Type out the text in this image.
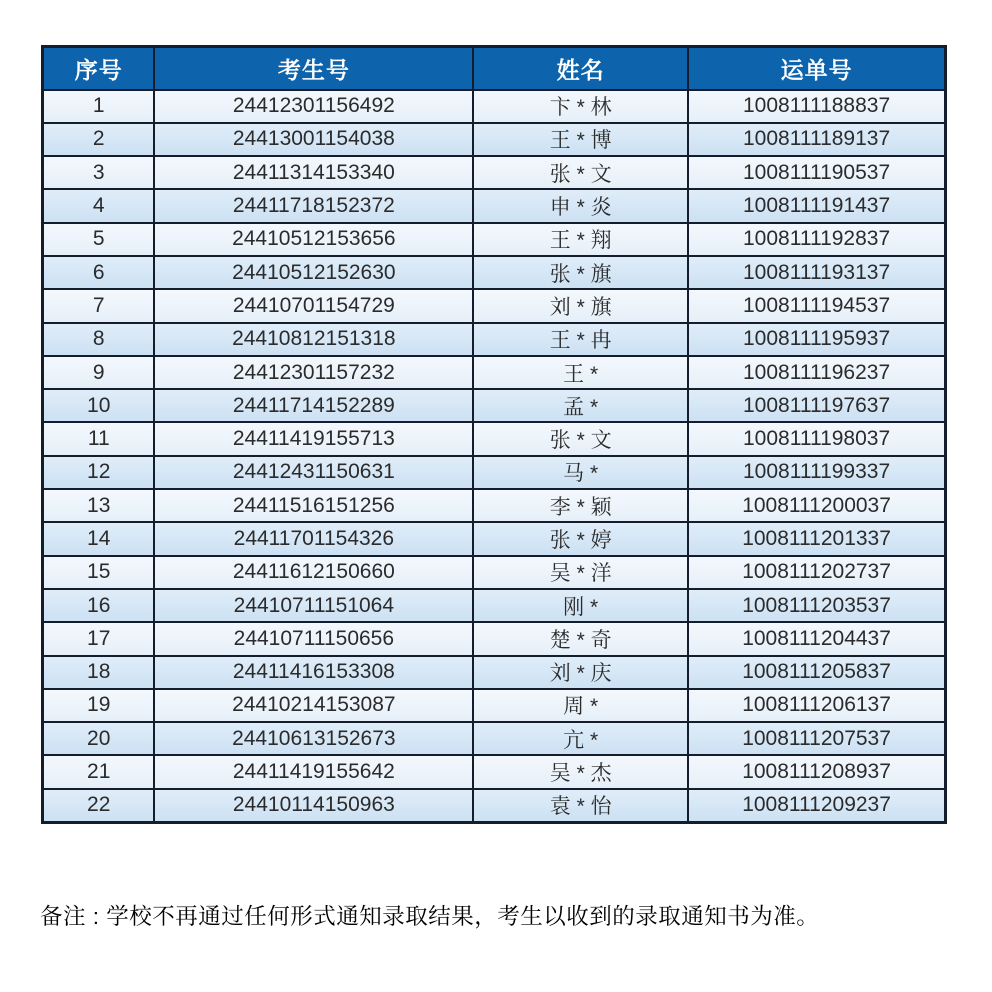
序号	考生号	姓名	运单号
1	24412301156492	卞 * 林	1008111188837
2	24413001154038	王 * 博	1008111189137
3	24411314153340	张 * 文	1008111190537
4	24411718152372	申 * 炎	1008111191437
5	24410512153656	王 * 翔	1008111192837
6	24410512152630	张 * 旗	1008111193137
7	24410701154729	刘 * 旗	1008111194537
8	24410812151318	王 * 冉	1008111195937
9	24412301157232	王 *	1008111196237
10	24411714152289	孟 *	1008111197637
11	24411419155713	张 * 文	1008111198037
12	24412431150631	马 *	1008111199337
13	24411516151256	李 * 颖	1008111200037
14	24411701154326	张 * 婷	1008111201337
15	24411612150660	吴 * 洋	1008111202737
16	24410711151064	刚 *	1008111203537
17	24410711150656	楚 * 奇	1008111204437
18	24411416153308	刘 * 庆	1008111205837
19	24410214153087	周 *	1008111206137
20	24410613152673	亢 *	1008111207537
21	24411419155642	吴 * 杰	1008111208937
22	24410114150963	袁 * 怡	1008111209237
备注 : 学校不再通过任何形式通知录取结果，考生以收到的录取通知书为准。
